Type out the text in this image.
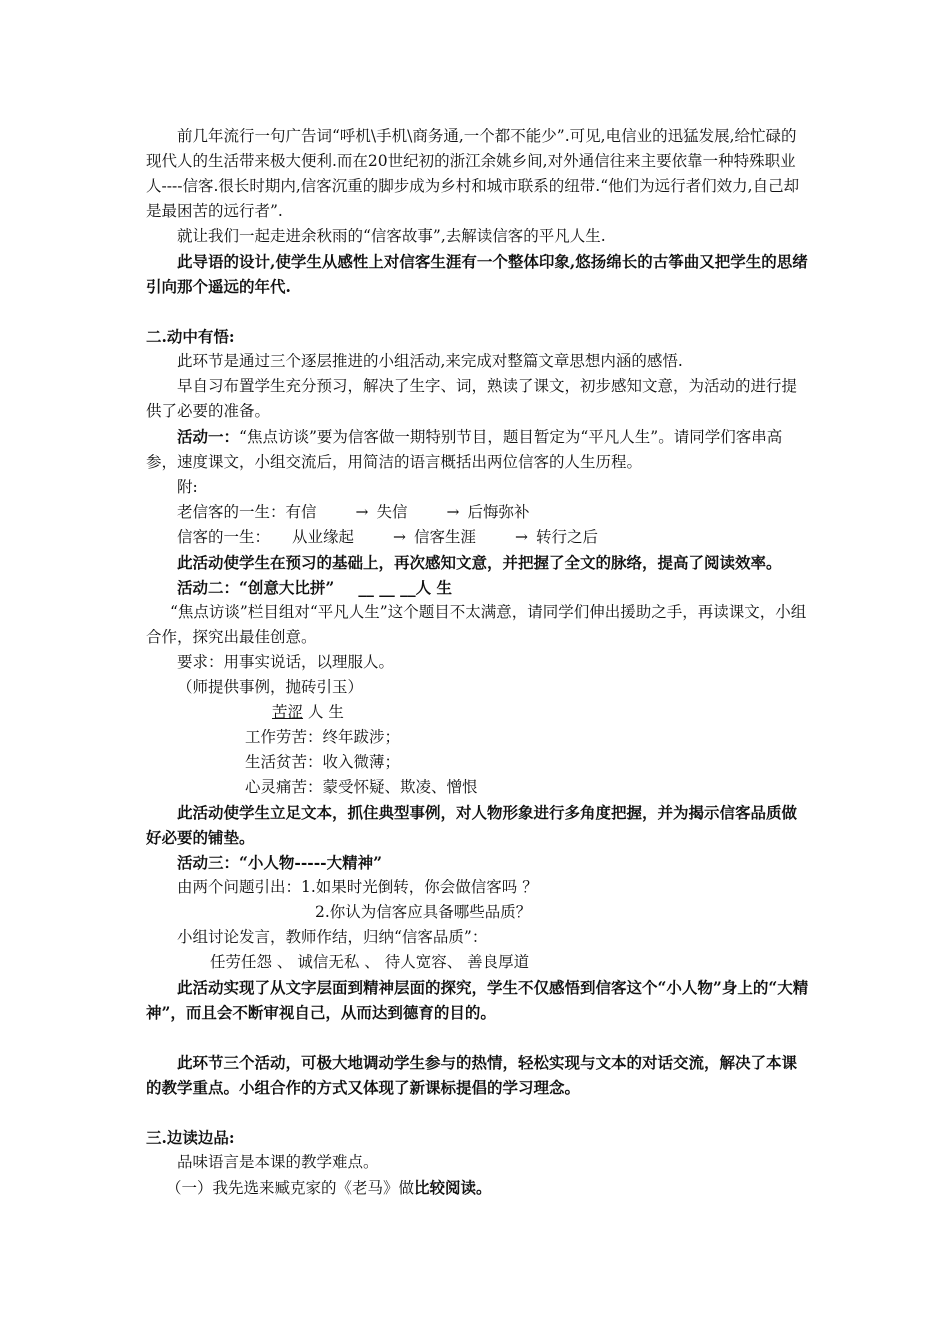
前几年流行一句广告词“呼机\手机\商务通,一个都不能少”.可见,电信业的迅猛发展,给忙碌的现代人的生活带来极大便利.而在20世纪初的浙江余姚乡间,对外通信往来主要依靠一种特殊职业人----信客.很长时期内,信客沉重的脚步成为乡村和城市联系的纽带.“他们为远行者们效力,自己却是最困苦的远行者”.

就让我们一起走进余秋雨的“信客故事”,去解读信客的平凡人生.

此导语的设计,使学生从感性上对信客生涯有一个整体印象,悠扬绵长的古筝曲又把学生的思绪引向那个遥远的年代.

二.动中有悟:

此环节是通过三个逐层推进的小组活动,来完成对整篇文章思想内涵的感悟.

早自习布置学生充分预习，解决了生字、词，熟读了课文，初步感知文意，为活动的进行提供了必要的准备。

活动一：“焦点访谈”要为信客做一期特别节目，题目暂定为“平凡人生”。请同学们客串高参，速度课文，小组交流后，用简洁的语言概括出两位信客的人生历程。

附:

老信客的一生：有信	→ 失信	→ 后悔弥补

信客的一生： 从业缘起	→ 信客生涯	→ 转行之后

此活动使学生在预习的基础上，再次感知文意，并把握了全文的脉络，提高了阅读效率。

活动二：“创意大比拼” __ __ __人 生

“焦点访谈”栏目组对“平凡人生”这个题目不太满意，请同学们伸出援助之手，再读课文，小组合作，探究出最佳创意。

要求：用事实说话，以理服人。

（师提供事例，抛砖引玉）

苦涩 人 生

工作劳苦：终年跋涉；

生活贫苦：收入微薄；

心灵痛苦：蒙受怀疑、欺凌、憎恨

此活动使学生立足文本，抓住典型事例，对人物形象进行多角度把握，并为揭示信客品质做好必要的铺垫。

活动三：“小人物-----大精神”

由两个问题引出：1.如果时光倒转，你会做信客吗 ？

2.你认为信客应具备哪些品质？

小组讨论发言，教师作结，归纳“信客品质”：

任劳任怨 、 诚信无私 、 待人宽容、 善良厚道

此活动实现了从文字层面到精神层面的探究，学生不仅感悟到信客这个“小人物”身上的“大精神”，而且会不断审视自己，从而达到德育的目的。

此环节三个活动，可极大地调动学生参与的热情，轻松实现与文本的对话交流，解决了本课的教学重点。小组合作的方式又体现了新课标提倡的学习理念。

三.边读边品:

品味语言是本课的教学难点。

（一）我先选来臧克家的《老马》做比较阅读。
